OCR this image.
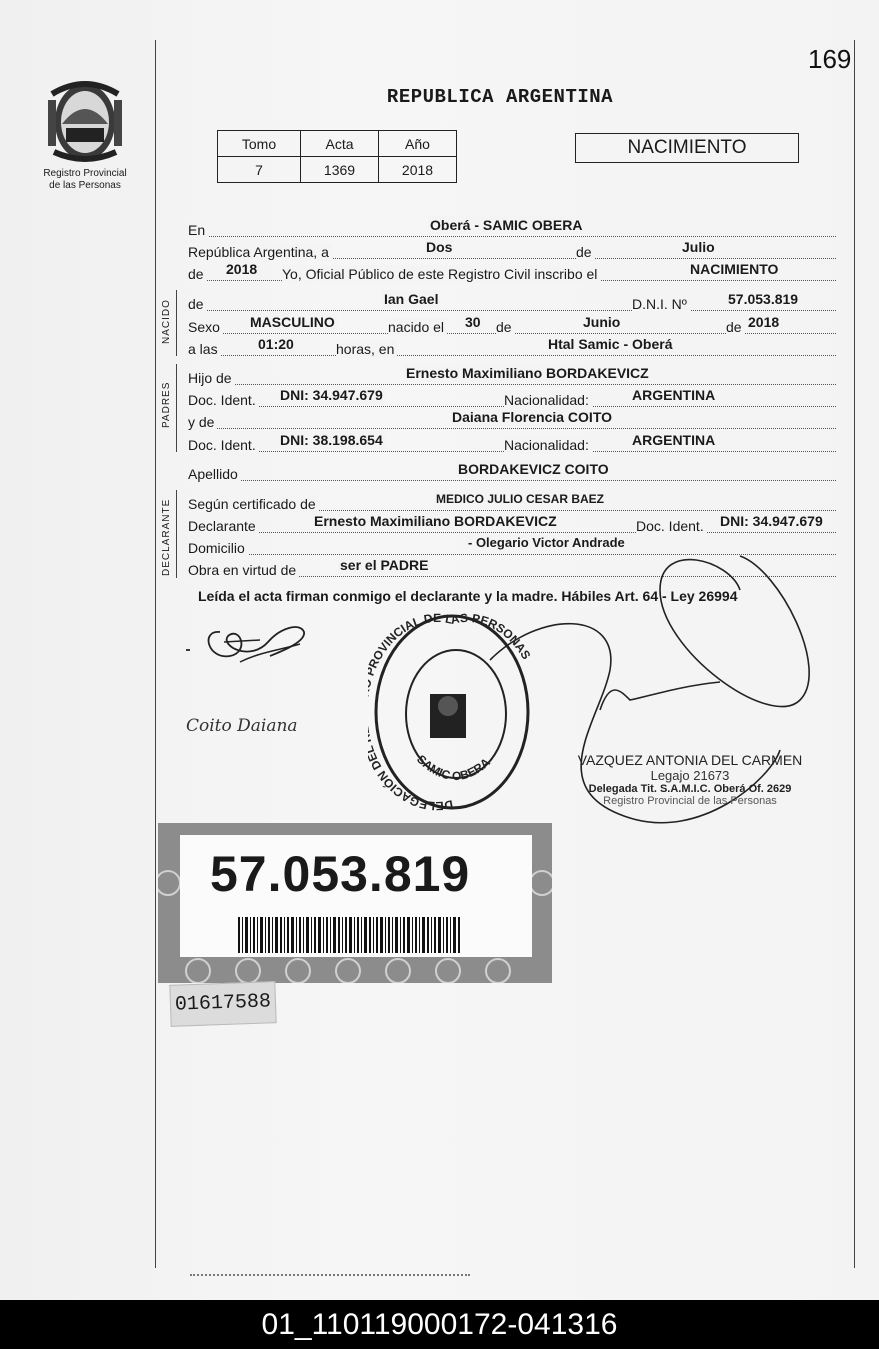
169
Registro Provincial
de las Personas
REPUBLICA ARGENTINA
Tomo	Acta	Año
7	1369	2018
NACIMIENTO
En	Oberá - SAMIC OBERA
República Argentina, a	Dos	de	Julio
de 2018 Yo, Oficial Público de este Registro Civil inscribo el	NACIMIENTO
NACIDO de	Ian Gael	D.N.I. Nº	57.053.819
Sexo MASCULINO	nacido el 30 de	Junio	de 2018
a las	01:20	horas, en	Htal Samic - Oberá
PADRES
Hijo de	Ernesto Maximiliano BORDAKEVICZ
Doc. Ident. DNI: 34.947.679	Nacionalidad:	ARGENTINA
y de	Daiana Florencia COITO
Doc. Ident. DNI: 38.198.654	Nacionalidad:	ARGENTINA
Apellido	BORDAKEVICZ COITO
DECLARANTE Según certificado de	MEDICO JULIO CESAR BAEZ
Declarante	Ernesto Maximiliano BORDAKEVICZ	Doc. Ident. DNI: 34.947.679
Domicilio	- Olegario Victor Andrade
Obra en virtud de	ser el PADRE
Leída el acta firman conmigo el declarante y la madre. Hábiles Art. 64 - Ley 26994
Coito Daiana
DELEGACIÓN D OVINCIAL DE LAS PERSONAS
SAMIC OBERA	VAZQUEZ ANTONIA DEL CARMEN
Legajo 21673
Delegada Tit. S.A.M.I.C. Oberá Of. 2629
Registro Provincial de las Personas
57.053.819
01617588
01_110119000172-041316
